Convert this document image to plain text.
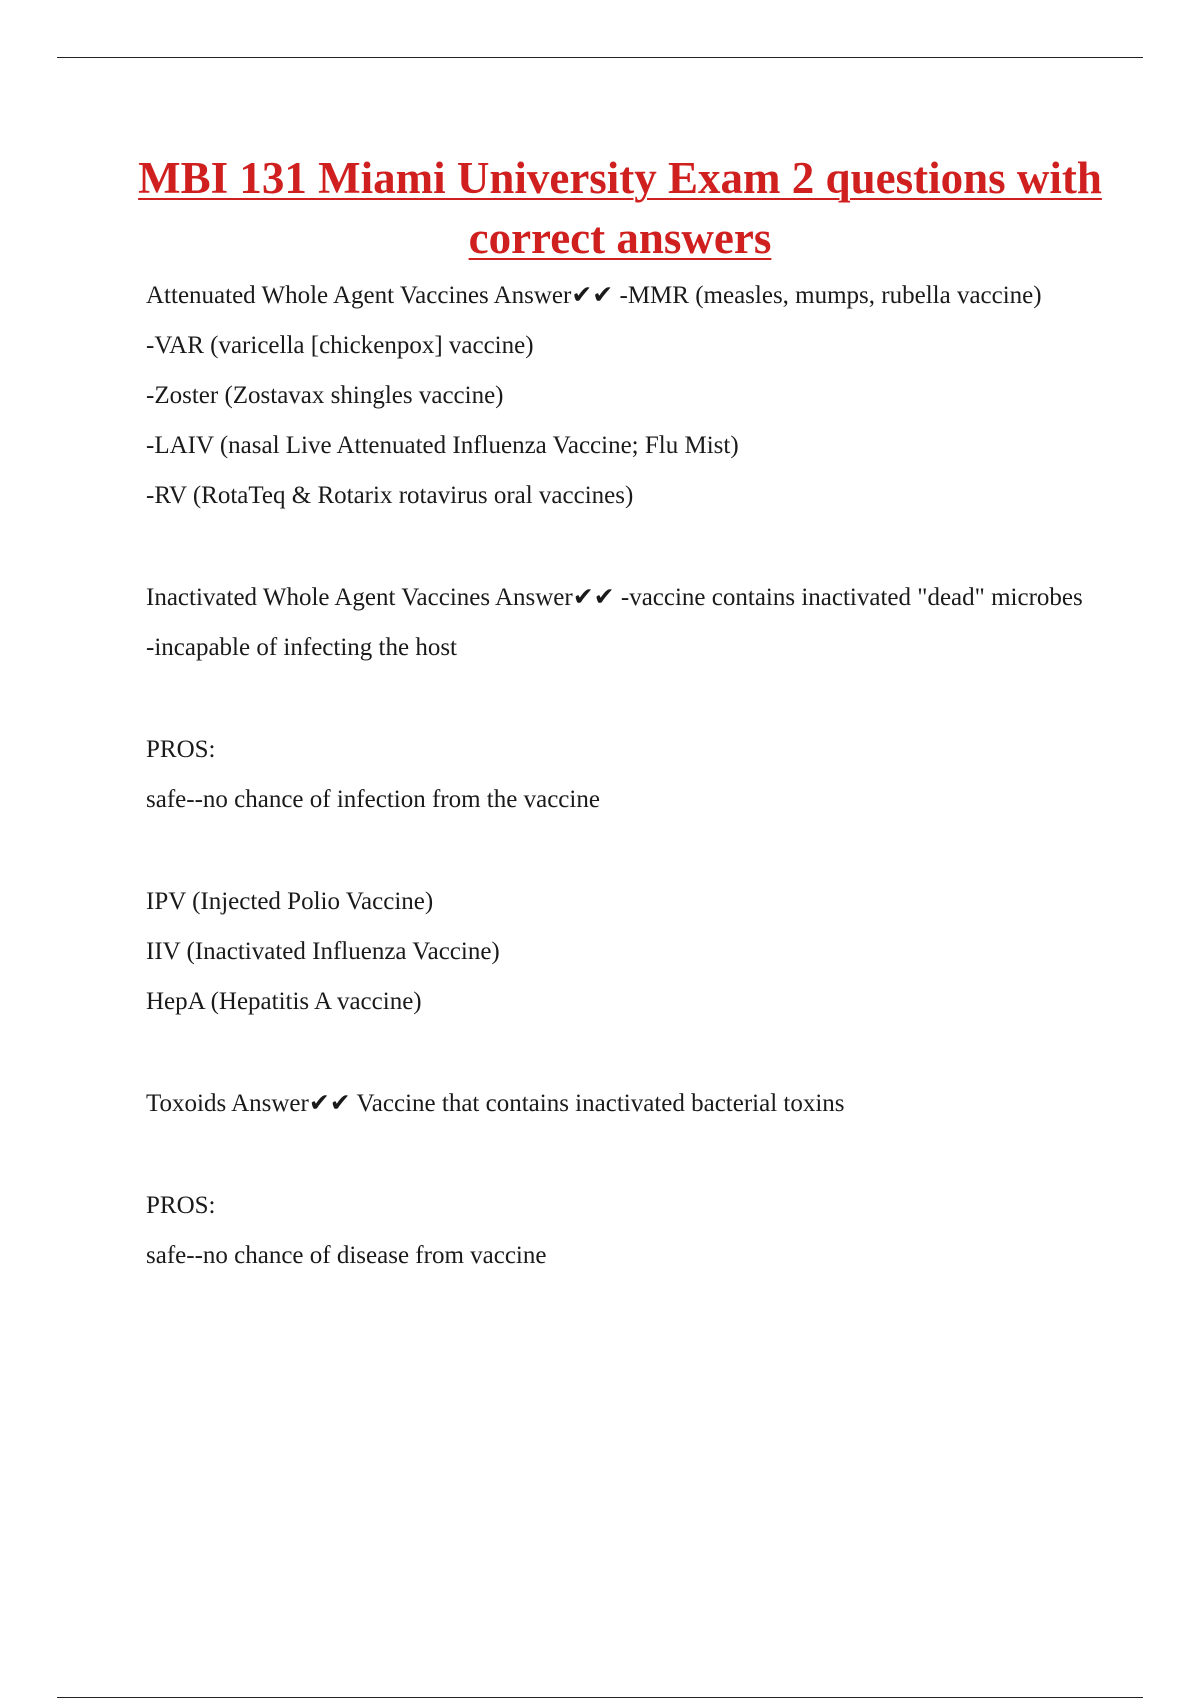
MBI 131 Miami University Exam 2 questions with correct answers

Attenuated Whole Agent Vaccines Answer✔✔ -MMR (measles, mumps, rubella vaccine)

-VAR (varicella [chickenpox] vaccine)

-Zoster (Zostavax shingles vaccine)

-LAIV (nasal Live Attenuated Influenza Vaccine; Flu Mist)

-RV (RotaTeq & Rotarix rotavirus oral vaccines)

Inactivated Whole Agent Vaccines Answer✔✔ -vaccine contains inactivated "dead" microbes

-incapable of infecting the host

PROS:

safe--no chance of infection from the vaccine

IPV (Injected Polio Vaccine)

IIV (Inactivated Influenza Vaccine)

HepA (Hepatitis A vaccine)

Toxoids Answer✔✔ Vaccine that contains inactivated bacterial toxins

PROS:

safe--no chance of disease from vaccine
